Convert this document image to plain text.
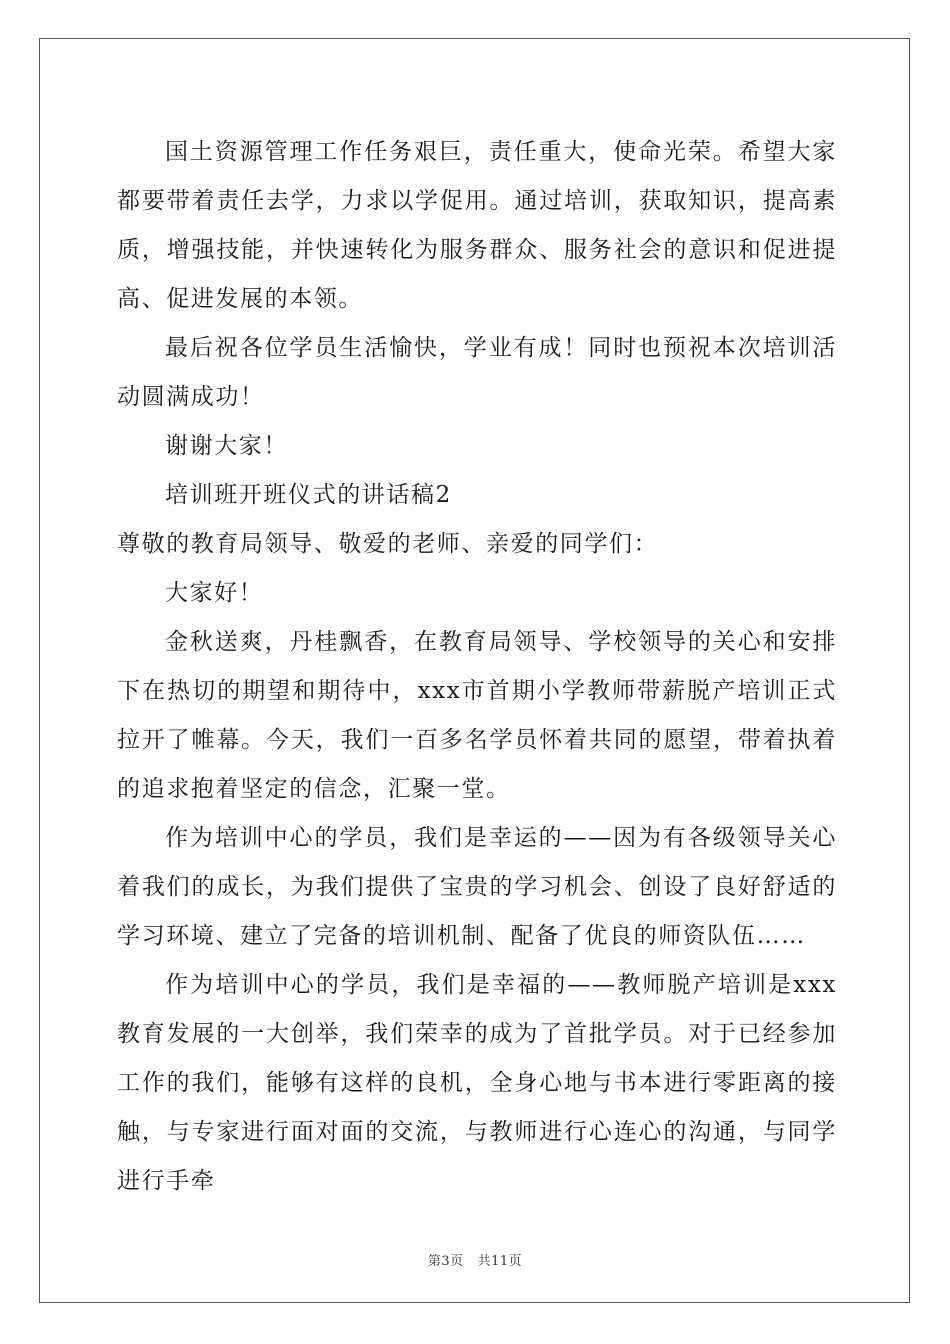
国土资源管理工作任务艰巨，责任重大，使命光荣。希望大家都要带着责任去学，力求以学促用。通过培训，获取知识，提高素质，增强技能，并快速转化为服务群众、服务社会的意识和促进提高、促进发展的本领。

最后祝各位学员生活愉快，学业有成！同时也预祝本次培训活动圆满成功！

谢谢大家！

培训班开班仪式的讲话稿2

尊敬的教育局领导、敬爱的老师、亲爱的同学们：

大家好！

金秋送爽，丹桂飘香，在教育局领导、学校领导的关心和安排下在热切的期望和期待中，xxx市首期小学教师带薪脱产培训正式拉开了帷幕。今天，我们一百多名学员怀着共同的愿望，带着执着的追求抱着坚定的信念，汇聚一堂。

作为培训中心的学员，我们是幸运的——因为有各级领导关心着我们的成长，为我们提供了宝贵的学习机会、创设了良好舒适的学习环境、建立了完备的培训机制、配备了优良的师资队伍……

作为培训中心的学员，我们是幸福的——教师脱产培训是xxx教育发展的一大创举，我们荣幸的成为了首批学员。对于已经参加工作的我们，能够有这样的良机，全身心地与书本进行零距离的接触，与专家进行面对面的交流，与教师进行心连心的沟通，与同学进行手牵

第3页 共11页
